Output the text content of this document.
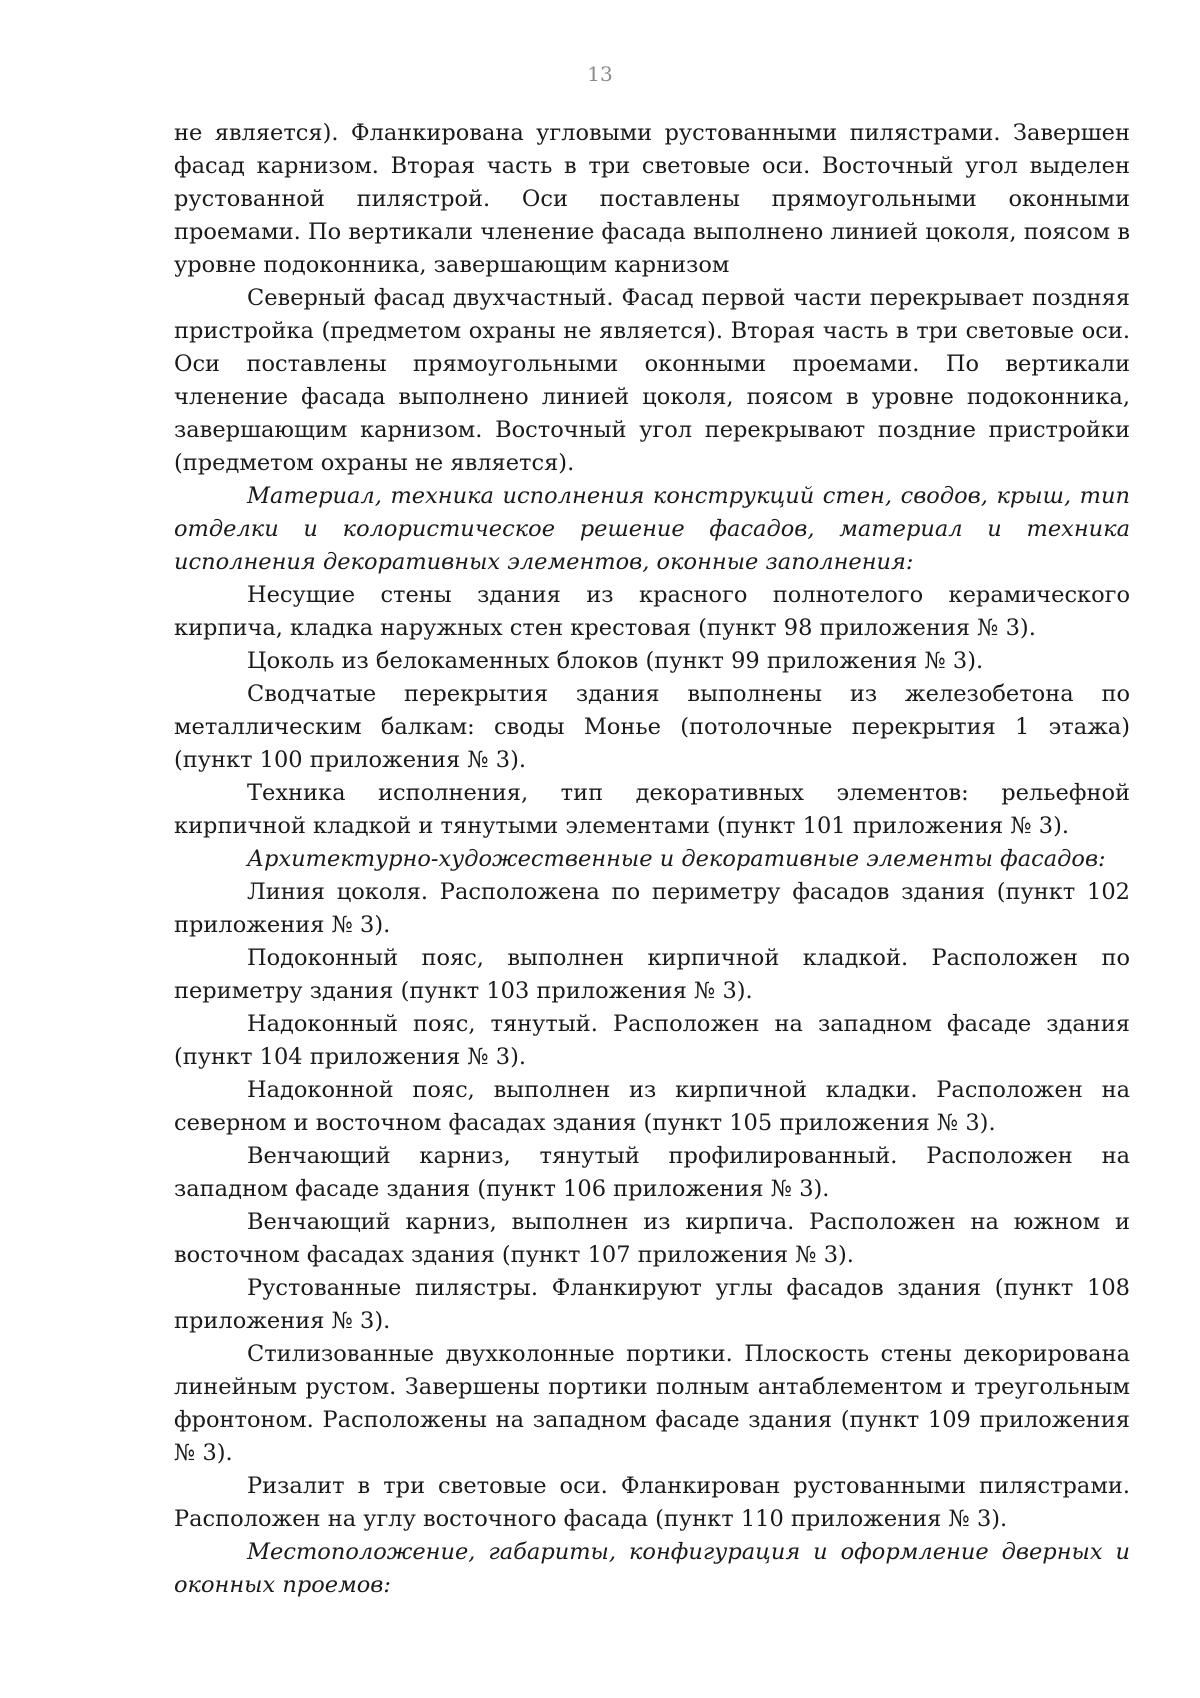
13

не является). Фланкирована угловыми рустованными пилястрами. Завершен фасад карнизом. Вторая часть в три световые оси. Восточный угол выделен рустованной пилястрой. Оси поставлены прямоугольными оконными проемами. По вертикали членение фасада выполнено линией цоколя, поясом в уровне подоконника, завершающим карнизом

Северный фасад двухчастный. Фасад первой части перекрывает поздняя пристройка (предметом охраны не является). Вторая часть в три световые оси. Оси поставлены прямоугольными оконными проемами. По вертикали членение фасада выполнено линией цоколя, поясом в уровне подоконника, завершающим карнизом. Восточный угол перекрывают поздние пристройки (предметом охраны не является).

Материал, техника исполнения конструкций стен, сводов, крыш, тип отделки и колористическое решение фасадов, материал и техника исполнения декоративных элементов, оконные заполнения:

Несущие стены здания из красного полнотелого керамического кирпича, кладка наружных стен крестовая (пункт 98 приложения № 3).

Цоколь из белокаменных блоков (пункт 99 приложения № 3).

Сводчатые перекрытия здания выполнены из железобетона по металлическим балкам: своды Монье (потолочные перекрытия 1 этажа) (пункт 100 приложения № 3).

Техника исполнения, тип декоративных элементов: рельефной кирпичной кладкой и тянутыми элементами (пункт 101 приложения № 3).

Архитектурно-художественные и декоративные элементы фасадов:

Линия цоколя. Расположена по периметру фасадов здания (пункт 102 приложения № 3).

Подоконный пояс, выполнен кирпичной кладкой. Расположен по периметру здания (пункт 103 приложения № 3).

Надоконный пояс, тянутый. Расположен на западном фасаде здания (пункт 104 приложения № 3).

Надоконной пояс, выполнен из кирпичной кладки. Расположен на северном и восточном фасадах здания (пункт 105 приложения № 3).

Венчающий карниз, тянутый профилированный. Расположен на западном фасаде здания (пункт 106 приложения № 3).

Венчающий карниз, выполнен из кирпича. Расположен на южном и восточном фасадах здания (пункт 107 приложения № 3).

Рустованные пилястры. Фланкируют углы фасадов здания (пункт 108 приложения № 3).

Стилизованные двухколонные портики. Плоскость стены декорирована линейным рустом. Завершены портики полным антаблементом и треугольным фронтоном. Расположены на западном фасаде здания (пункт 109 приложения № 3).

Ризалит в три световые оси. Фланкирован рустованными пилястрами. Расположен на углу восточного фасада (пункт 110 приложения № 3).

Местоположение, габариты, конфигурация и оформление дверных и оконных проемов:
